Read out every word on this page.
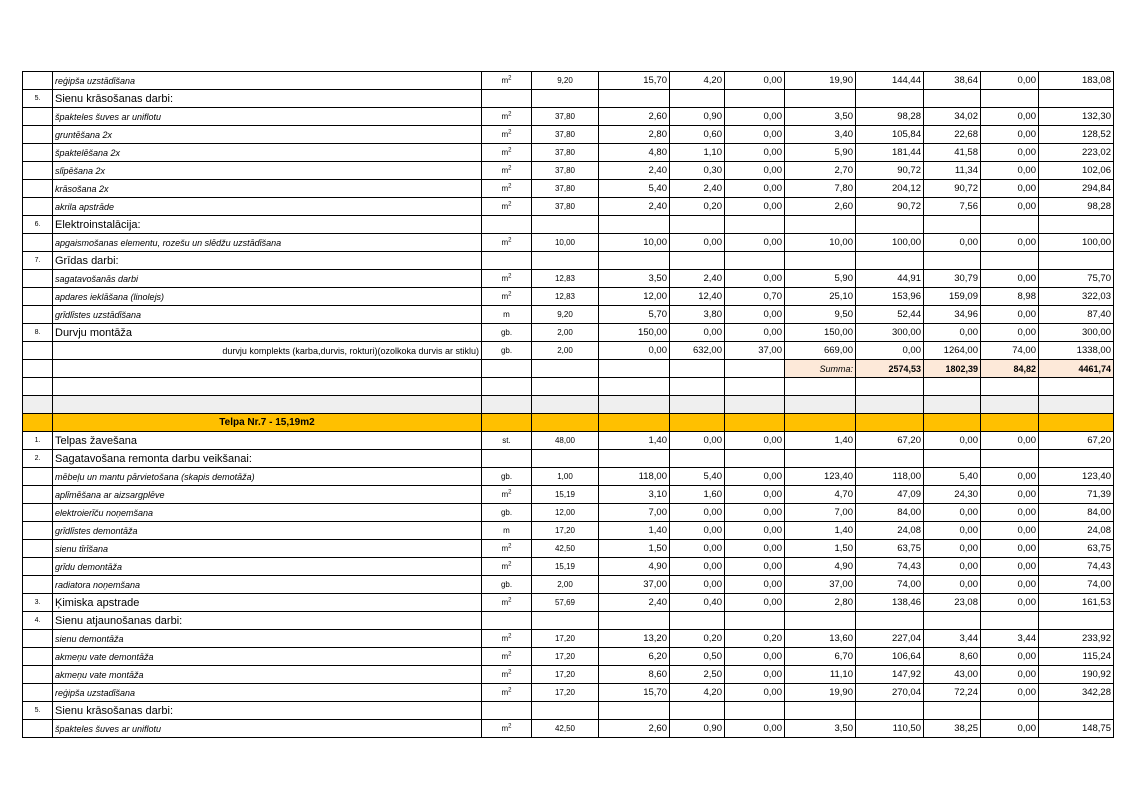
	reģipša uzstādīšana	$m^2$	9,20	15,70	4,20	0,00	19,90	144,44	38,64	0,00	183,08
5.	Sienu krāsošanas darbi:										
	špakteles šuves ar uniflotu	$m^2$	37,80	2,60	0,90	0,00	3,50	98,28	34,02	0,00	132,30
	gruntēšana 2x	$m^2$	37,80	2,80	0,60	0,00	3,40	105,84	22,68	0,00	128,52
	špaktelēšana 2x	$m^2$	37,80	4,80	1,10	0,00	5,90	181,44	41,58	0,00	223,02
	slīpēšana 2x	$m^2$	37,80	2,40	0,30	0,00	2,70	90,72	11,34	0,00	102,06
	krāsošana 2x	$m^2$	37,80	5,40	2,40	0,00	7,80	204,12	90,72	0,00	294,84
	akrila apstrāde	$m^2$	37,80	2,40	0,20	0,00	2,60	90,72	7,56	0,00	98,28
6.	Elektroinstalācija:										
	apgaismošanas elementu, rozešu un slēdžu uzstādīšana	$m^2$	10,00	10,00	0,00	0,00	10,00	100,00	0,00	0,00	100,00
7.	Grīdas darbi:										
	sagatavošanās darbi	$m^2$	12,83	3,50	2,40	0,00	5,90	44,91	30,79	0,00	75,70
	apdares ieklāšana (linolejs)	$m^2$	12,83	12,00	12,40	0,70	25,10	153,96	159,09	8,98	322,03
	grīdlīstes uzstādīšana	m	9,20	5,70	3,80	0,00	9,50	52,44	34,96	0,00	87,40
8.	Durvju montāža	gb.	2,00	150,00	0,00	0,00	150,00	300,00	0,00	0,00	300,00
	durvju komplekts (karba,durvis, rokturi)(ozolkoka durvis ar stiklu)	gb.	2,00	0,00	632,00	37,00	669,00	0,00	1264,00	74,00	1338,00
							Summa:	2574,53	1802,39	84,82	4461,74

	Telpa Nr.7 - 15,19m2										
1.	Telpas žavešana	st.	48,00	1,40	0,00	0,00	1,40	67,20	0,00	0,00	67,20
2.	Sagatavošana remonta darbu veikšanai:										
	mēbeļu un mantu pārvietošana (skapis demotāža)	gb.	1,00	118,00	5,40	0,00	123,40	118,00	5,40	0,00	123,40
	aplīmēšana ar aizsargplēve	$m^2$	15,19	3,10	1,60	0,00	4,70	47,09	24,30	0,00	71,39
	elektroierīču noņemšana	gb.	12,00	7,00	0,00	0,00	7,00	84,00	0,00	0,00	84,00
	grīdlīstes demontāža	m	17,20	1,40	0,00	0,00	1,40	24,08	0,00	0,00	24,08
	sienu tīrīšana	$m^2$	42,50	1,50	0,00	0,00	1,50	63,75	0,00	0,00	63,75
	grīdu demontāža	$m^2$	15,19	4,90	0,00	0,00	4,90	74,43	0,00	0,00	74,43
	radiatora noņemšana	gb.	2,00	37,00	0,00	0,00	37,00	74,00	0,00	0,00	74,00
3.	Ķimiska apstrade	$m^2$	57,69	2,40	0,40	0,00	2,80	138,46	23,08	0,00	161,53
4.	Sienu atjaunošanas darbi:										
	sienu demontāža	$m^2$	17,20	13,20	0,20	0,20	13,60	227,04	3,44	3,44	233,92
	akmeņu vate demontāža	$m^2$	17,20	6,20	0,50	0,00	6,70	106,64	8,60	0,00	115,24
	akmeņu vate montāža	$m^2$	17,20	8,60	2,50	0,00	11,10	147,92	43,00	0,00	190,92
	reģipša uzstadīšana	$m^2$	17,20	15,70	4,20	0,00	19,90	270,04	72,24	0,00	342,28
5.	Sienu krāsošanas darbi:										
	špakteles šuves ar uniflotu	$m^2$	42,50	2,60	0,90	0,00	3,50	110,50	38,25	0,00	148,75
